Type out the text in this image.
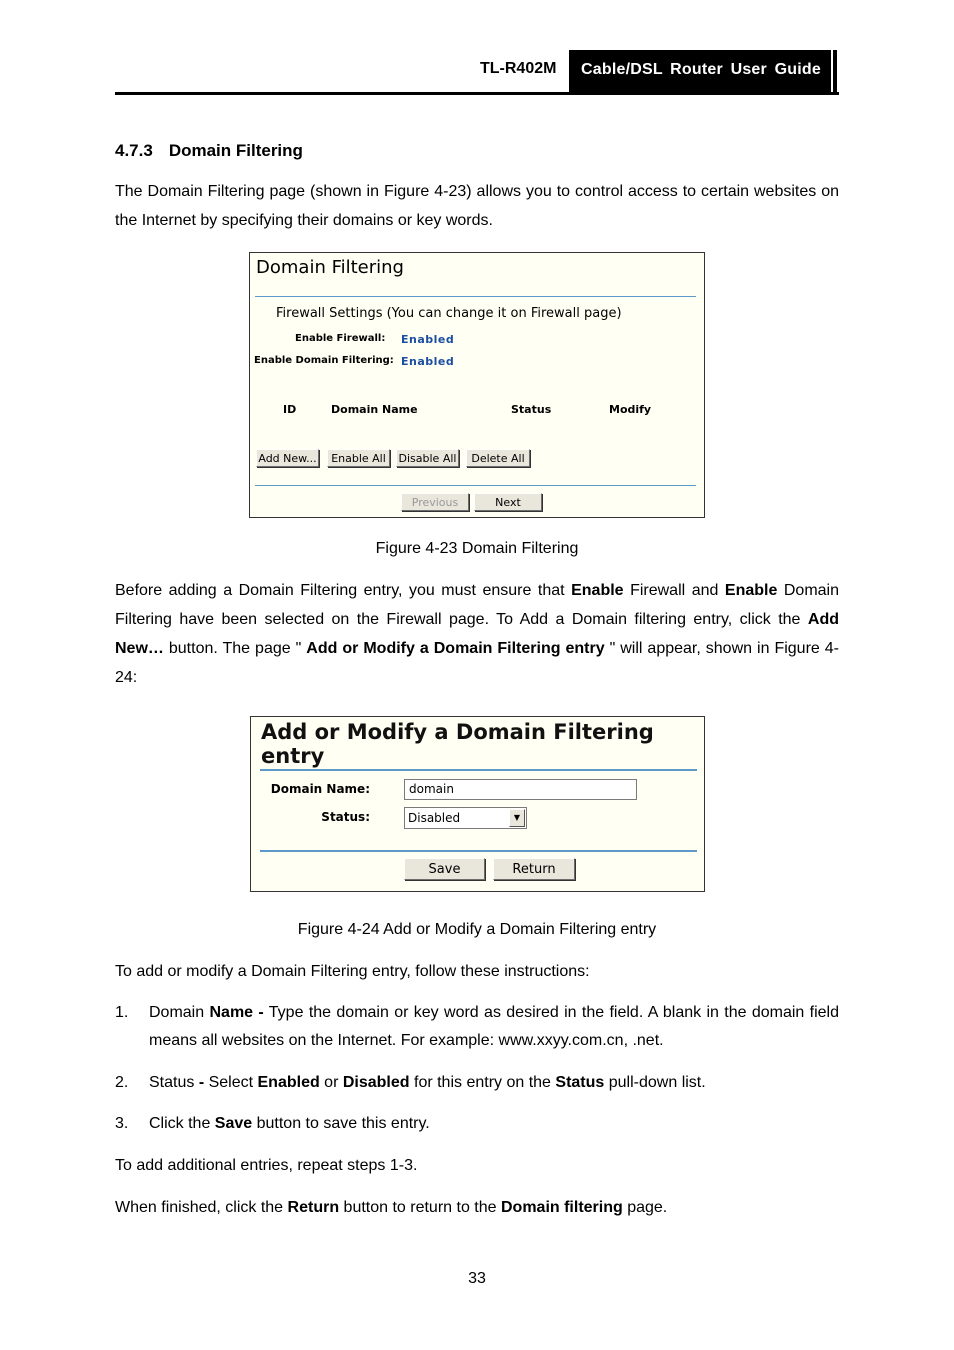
TL-R402M	Cable/DSL Router User Guide
4.7.3 Domain Filtering
The Domain Filtering page (shown in Figure 4-23) allows you to control access to certain websites on the Internet by specifying their domains or key words.
Domain Filtering
Firewall Settings (You can change it on Firewall page)
Enable Firewall: Enabled
Enable Domain Filtering: Enabled
ID	Domain Name	Status	Modify
Add New...	Enable All	Disable All	Delete All
Previous	Next
Figure 4-23 Domain Filtering
Before adding a Domain Filtering entry, you must ensure that Enable Firewall and Enable Domain Filtering have been selected on the Firewall page. To Add a Domain filtering entry, click the Add New… button. The page " Add or Modify a Domain Filtering entry " will appear, shown in Figure 4-24:
Add or Modify a Domain Filtering entry
Domain Name:	domain
Status:	Disabled	▼
Save	Return
Figure 4-24 Add or Modify a Domain Filtering entry
To add or modify a Domain Filtering entry, follow these instructions:
1. Domain Name - Type the domain or key word as desired in the field. A blank in the domain field means all websites on the Internet. For example: www.xxyy.com.cn, .net.
2. Status - Select Enabled or Disabled for this entry on the Status pull-down list.
3. Click the Save button to save this entry.
To add additional entries, repeat steps 1-3.
When finished, click the Return button to return to the Domain filtering page.
33
